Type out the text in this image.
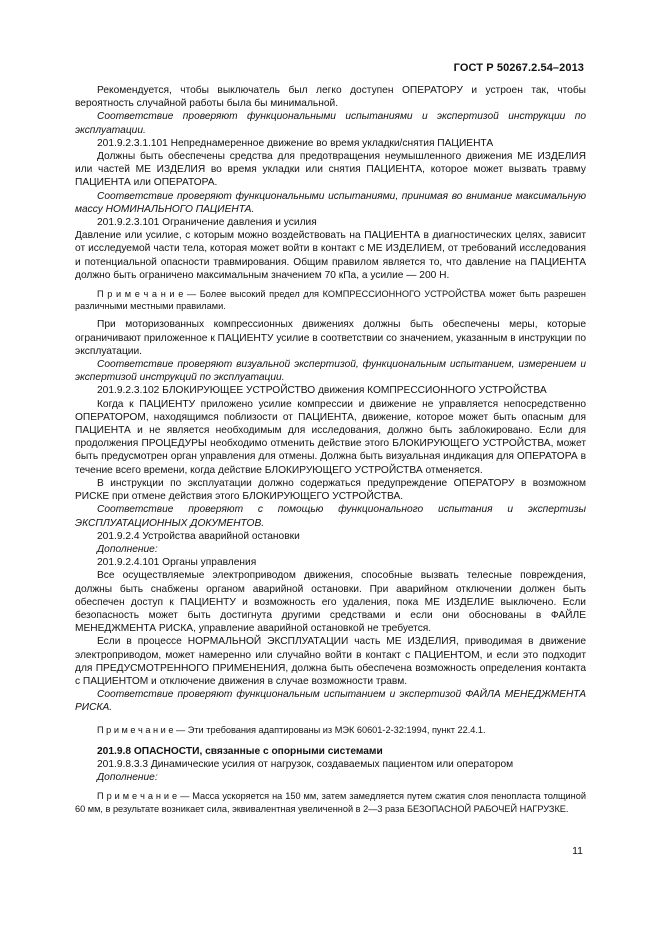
ГОСТ Р 50267.2.54–2013

Рекомендуется, чтобы выключатель был легко доступен ОПЕРАТОРУ и устроен так, чтобы вероятность случайной работы была бы минимальной.

Соответствие проверяют функциональными испытаниями и экспертизой инструкции по эксплуатации.

201.9.2.3.1.101 Непреднамеренное движение во время укладки/снятия ПАЦИЕНТА

Должны быть обеспечены средства для предотвращения неумышленного движения МЕ ИЗДЕЛИЯ или частей МЕ ИЗДЕЛИЯ во время укладки или снятия ПАЦИЕНТА, которое может вызвать травму ПАЦИЕНТА или ОПЕРАТОРА.

Соответствие проверяют функциональными испытаниями, принимая во внимание максимальную массу НОМИНАЛЬНОГО ПАЦИЕНТА.

201.9.2.3.101 Ограничение давления и усилия

Давление или усилие, с которым можно воздействовать на ПАЦИЕНТА в диагностических целях, зависит от исследуемой части тела, которая может войти в контакт с МЕ ИЗДЕЛИЕМ, от требований исследования и потенциальной опасности травмирования. Общим правилом является то, что давление на ПАЦИЕНТА должно быть ограничено максимальным значением 70 кПа, а усилие — 200 Н.

П р и м е ч а н и е — Более высокий предел для КОМПРЕССИОННОГО УСТРОЙСТВА может быть разрешен различными местными правилами.

При моторизованных компрессионных движениях должны быть обеспечены меры, которые ограничивают приложенное к ПАЦИЕНТУ усилие в соответствии со значением, указанным в инструкции по эксплуатации.

Соответствие проверяют визуальной экспертизой, функциональным испытанием, измерением и экспертизой инструкций по эксплуатации.

201.9.2.3.102 БЛОКИРУЮЩЕЕ УСТРОЙСТВО движения КОМПРЕССИОННОГО УСТРОЙСТВА

Когда к ПАЦИЕНТУ приложено усилие компрессии и движение не управляется непосредственно ОПЕРАТОРОМ, находящимся поблизости от ПАЦИЕНТА, движение, которое может быть опасным для ПАЦИЕНТА и не является необходимым для исследования, должно быть заблокировано. Если для продолжения ПРОЦЕДУРЫ необходимо отменить действие этого БЛОКИРУЮЩЕГО УСТРОЙСТВА, может быть предусмотрен орган управления для отмены. Должна быть визуальная индикация для ОПЕРАТОРА в течение всего времени, когда действие БЛОКИРУЮЩЕГО УСТРОЙСТВА отменяется.

В инструкции по эксплуатации должно содержаться предупреждение ОПЕРАТОРУ в возможном РИСКЕ при отмене действия этого БЛОКИРУЮЩЕГО УСТРОЙСТВА.

Соответствие проверяют с помощью функционального испытания и экспертизы ЭКСПЛУАТАЦИОННЫХ ДОКУМЕНТОВ.

201.9.2.4 Устройства аварийной остановки

Дополнение:

201.9.2.4.101 Органы управления

Все осуществляемые электроприводом движения, способные вызвать телесные повреждения, должны быть снабжены органом аварийной остановки. При аварийном отключении должен быть обеспечен доступ к ПАЦИЕНТУ и возможность его удаления, пока МЕ ИЗДЕЛИЕ выключено. Если безопасность может быть достигнута другими средствами и если они обоснованы в ФАЙЛЕ МЕНЕДЖМЕНТА РИСКА, управление аварийной остановкой не требуется.

Если в процессе НОРМАЛЬНОЙ ЭКСПЛУАТАЦИИ часть МЕ ИЗДЕЛИЯ, приводимая в движение электроприводом, может намеренно или случайно войти в контакт с ПАЦИЕНТОМ, и если это подходит для ПРЕДУСМОТРЕННОГО ПРИМЕНЕНИЯ, должна быть обеспечена возможность определения контакта с ПАЦИЕНТОМ и отключение движения в случае возможности травм.

Соответствие проверяют функциональным испытанием и экспертизой ФАЙЛА МЕНЕДЖМЕНТА РИСКА.

П р и м е ч а н и е — Эти требования адаптированы из МЭК 60601-2-32:1994, пункт 22.4.1.

201.9.8 ОПАСНОСТИ, связанные с опорными системами

201.9.8.3.3 Динамические усилия от нагрузок, создаваемых пациентом или оператором

Дополнение:

П р и м е ч а н и е — Масса ускоряется на 150 мм, затем замедляется путем сжатия слоя пенопласта толщиной 60 мм, в результате возникает сила, эквивалентная увеличенной в 2—3 раза БЕЗОПАСНОЙ РАБОЧЕЙ НАГРУЗКЕ.

11
